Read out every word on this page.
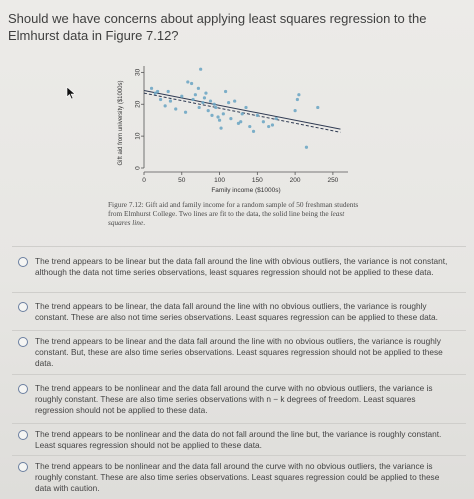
Should we have concerns about applying least squares regression to the Elmhurst data in Figure 7.12?
0
10
20
30
0	50	100	150	200	250
Family income ($1000s)
Gift aid from university ($1000s)
Figure 7.12: Gift aid and family income for a random sample of 50 freshman students from Elmhurst College. Two lines are fit to the data, the solid line being the least squares line.
The trend appears to be linear but the data fall around the line with obvious outliers, the variance is not constant, although the data not time series observations, least squares regression should not be applied to these data.
The trend appears to be linear, the data fall around the line with no obvious outliers, the variance is roughly constant. These are also not time series observations. Least squares regression can be applied to these data.
The trend appears to be linear and the data fall around the line with no obvious outliers, the variance is roughly constant. But, these are also time series observations. Least squares regression should not be applied to these data.
The trend appears to be nonlinear and the data fall around the curve with no obvious outliers, the variance is roughly constant. These are also time series observations with n − k degrees of freedom. Least squares regression should not be applied to these data.
The trend appears to be nonlinear and the data do not fall around the line but, the variance is roughly constant. Least squares regression should not be applied to these data.
The trend appears to be nonlinear and the data fall around the curve with no obvious outliers, the variance is roughly constant. These are also time series observations. Least squares regression could be applied to these data with caution.
